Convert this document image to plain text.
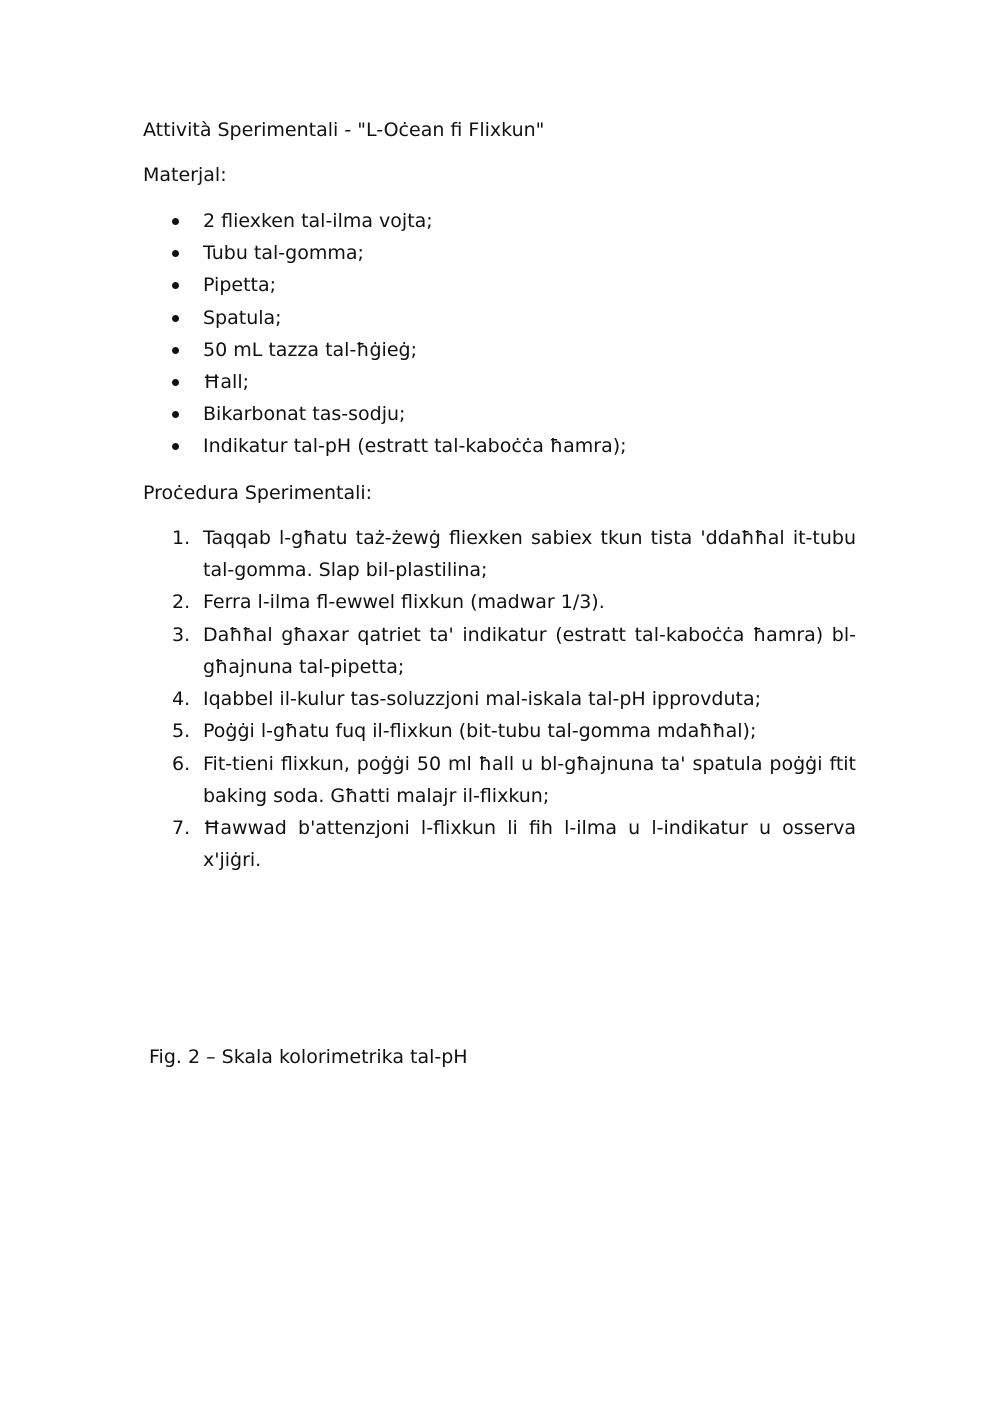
Attività Sperimentali - "L-Oċean fi Flixkun"
Materjal:
2 fliexken tal-ilma vojta;
Tubu tal-gomma;
Pipetta;
Spatula;
50 mL tazza tal-ħġieġ;
Ħall;
Bikarbonat tas-sodju;
Indikatur tal-pH (estratt tal-kaboċċa ħamra);
Proċedura Sperimentali:
1. Taqqab l-għatu taż-żewġ fliexken sabiex tkun tista 'ddaħħal it-tubu tal-gomma. Slap bil-plastilina;
2. Ferra l-ilma fl-ewwel flixkun (madwar 1/3).
3. Daħħal għaxar qatriet ta' indikatur (estratt tal-kaboċċa ħamra) bl-għajnuna tal-pipetta;
4. Iqabbel il-kulur tas-soluzzjoni mal-iskala tal-pH ipprovduta;
5. Poġġi l-għatu fuq il-flixkun (bit-tubu tal-gomma mdaħħal);
6. Fit-tieni flixkun, poġġi 50 ml ħall u bl-għajnuna ta' spatula poġġi ftit baking soda. Għatti malajr il-flixkun;
7. Ħawwad b'attenzjoni l-flixkun li fih l-ilma u l-indikatur u osserva x'jiġri.
Fig. 2 – Skala kolorimetrika tal-pH
